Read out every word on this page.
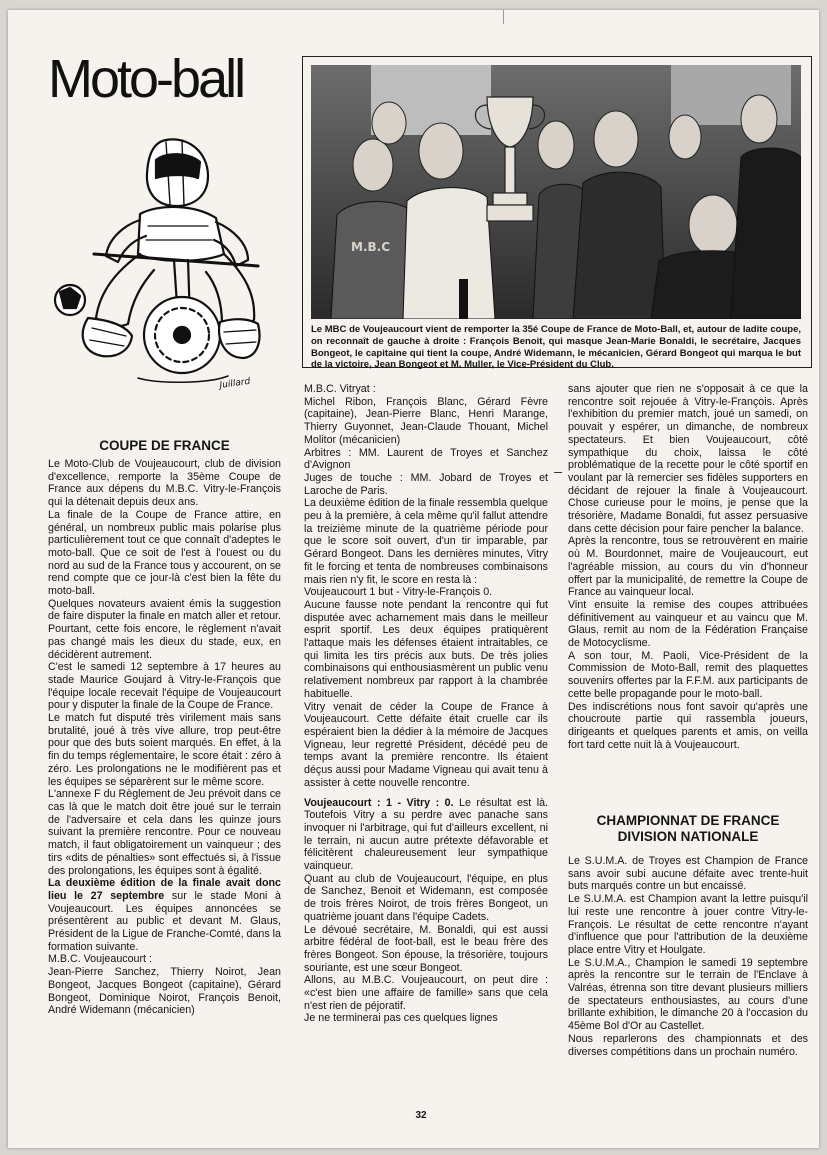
Moto-ball
Juillard
M.B.C
Le MBC de Voujeaucourt vient de remporter la 35é Coupe de France de Moto-Ball, et, autour de ladite coupe, on reconnaît de gauche à droite : François Benoit, qui masque Jean-Marie Bonaldi, le secrétaire, Jacques Bongeot, le capitaine qui tient la coupe, André Widemann, le mécanicien, Gérard Bongeot qui marqua le but de la victoire, Jean Bongeot et M. Muller, le Vice-Président du Club.
COUPE DE FRANCE

Le Moto-Club de Voujeaucourt, club de division d'excellence, remporte la 35ème Coupe de France aux dépens du M.B.C. Vitry-le-François qui la détenait depuis deux ans.

La finale de la Coupe de France attire, en général, un nombreux public mais polarise plus particulièrement tout ce que connaît d'adeptes le moto-ball. Que ce soit de l'est à l'ouest ou du nord au sud de la France tous y accourent, on se rend compte que ce jour-là c'est bien la fête du moto-ball.

Quelques novateurs avaient émis la suggestion de faire disputer la finale en match aller et retour. Pourtant, cette fois encore, le règlement n'avait pas changé mais les dieux du stade, eux, en décidèrent autrement.

C'est le samedi 12 septembre à 17 heures au stade Maurice Goujard à Vitry-le-François que l'équipe locale recevait l'équipe de Voujeaucourt pour y disputer la finale de la Coupe de France.

Le match fut disputé très virilement mais sans brutalité, joué à très vive allure, trop peut-être pour que des buts soient marqués. En effet, à la fin du temps réglementaire, le score était : zéro à zéro. Les prolongations ne le modifièrent pas et les équipes se séparèrent sur le même score.

L'annexe F du Règlement de Jeu prévoit dans ce cas là que le match doit être joué sur le terrain de l'adversaire et cela dans les quinze jours suivant la première rencontre. Pour ce nouveau match, il faut obligatoirement un vainqueur ; des tirs «dits de pénalties» sont effectués si, à l'issue des prolongations, les équipes sont à égalité.

La deuxième édition de la finale avait donc lieu le 27 septembre sur le stade Moni à Voujeaucourt. Les équipes annoncées se présentèrent au public et devant M. Glaus, Président de la Ligue de Franche-Comté, dans la formation suivante.

M.B.C. Voujeaucourt :

Jean-Pierre Sanchez, Thierry Noirot, Jean Bongeot, Jacques Bongeot (capitaine), Gérard Bongeot, Dominique Noirot, François Benoit, André Widemann (mécanicien)

M.B.C. Vitryat :

Michel Ribon, François Blanc, Gérard Fèvre (capitaine), Jean-Pierre Blanc, Henri Marange, Thierry Guyonnet, Jean-Claude Thouant, Michel Molitor (mécanicien)

Arbitres : MM. Laurent de Troyes et Sanchez d'Avignon

Juges de touche : MM. Jobard de Troyes et Laroche de Paris.

La deuxième édition de la finale ressembla quelque peu à la première, à cela même qu'il fallut attendre la treizième minute de la quatrième période pour que le score soit ouvert, d'un tir imparable, par Gérard Bongeot. Dans les dernières minutes, Vitry fit le forcing et tenta de nombreuses combinaisons mais rien n'y fit, le score en resta là :

Voujeaucourt 1 but - Vitry-le-François 0.

Aucune fausse note pendant la rencontre qui fut disputée avec acharnement mais dans le meilleur esprit sportif. Les deux équipes pratiquèrent l'attaque mais les défenses étaient intraitables, ce qui limita les tirs précis aux buts. De très jolies combinaisons qui enthousiasmèrent un public venu relativement nombreux par rapport à la chambrée habituelle.

Vitry venait de céder la Coupe de France à Voujeaucourt. Cette défaite était cruelle car ils espéraient bien la dédier à la mémoire de Jacques Vigneau, leur regretté Président, décédé peu de temps avant la première rencontre. Ils étaient déçus aussi pour Madame Vigneau qui avait tenu à assister à cette nouvelle rencontre.

Voujeaucourt : 1 - Vitry : 0. Le résultat est là. Toutefois Vitry a su perdre avec panache sans invoquer ni l'arbitrage, qui fut d'ailleurs excellent, ni le terrain, ni aucun autre prétexte défavorable et félicitèrent chaleureusement leur sympathique vainqueur.

Quant au club de Voujeaucourt, l'équipe, en plus de Sanchez, Benoit et Widemann, est composée de trois frères Noirot, de trois frères Bongeot, un quatrième jouant dans l'équipe Cadets.

Le dévoué secrétaire, M. Bonaldi, qui est aussi arbitre fédéral de foot-ball, est le beau frère des frères Bongeot. Son épouse, la trésorière, toujours souriante, est une sœur Bongeot.

Allons, au M.B.C. Voujeaucourt, on peut dire : «c'est bien une affaire de famille» sans que cela n'est rien de péjoratif.

Je ne terminerai pas ces quelques lignes

sans ajouter que rien ne s'opposait à ce que la rencontre soit rejouée à Vitry-le-François. Après l'exhibition du premier match, joué un samedi, on pouvait y espérer, un dimanche, de nombreux spectateurs. Et bien Voujeaucourt, côté sympathique du choix, laissa le côté problématique de la recette pour le côté sportif en voulant par là remercier ses fidèles supporters en décidant de rejouer la finale à Voujeaucourt. Chose curieuse pour le moins, je pense que la trésorière, Madame Bonaldi, fut assez persuasive dans cette décision pour faire pencher la balance.

Après la rencontre, tous se retrouvèrent en mairie où M. Bourdonnet, maire de Voujeaucourt, eut l'agréable mission, au cours du vin d'honneur offert par la municipalité, de remettre la Coupe de France au vainqueur local.

Vint ensuite la remise des coupes attribuées définitivement au vainqueur et au vaincu que M. Glaus, remit au nom de la Fédération Française de Motocyclisme.

A son tour, M. Paoli, Vice-Président de la Commission de Moto-Ball, remit des plaquettes souvenirs offertes par la F.F.M. aux participants de cette belle propagande pour le moto-ball.

Des indiscrétions nous font savoir qu'après une choucroute partie qui rassembla joueurs, dirigeants et quelques parents et amis, on veilla fort tard cette nuit là à Voujeaucourt.

CHAMPIONNAT DE FRANCE
DIVISION NATIONALE

Le S.U.M.A. de Troyes est Champion de France sans avoir subi aucune défaite avec trente-huit buts marqués contre un but encaissé.

Le S.U.M.A. est Champion avant la lettre puisqu'il lui reste une rencontre à jouer contre Vitry-le-François. Le résultat de cette rencontre n'ayant d'influence que pour l'attribution de la deuxième place entre Vitry et Houlgate.

Le S.U.M.A., Champion le samedi 19 septembre après la rencontre sur le terrain de l'Enclave à Valréas, étrenna son titre devant plusieurs milliers de spectateurs enthousiastes, au cours d'une brillante exhibition, le dimanche 20 à l'occasion du 45ème Bol d'Or au Castellet.

Nous reparlerons des championnats et des diverses compétitions dans un prochain numéro.

32
